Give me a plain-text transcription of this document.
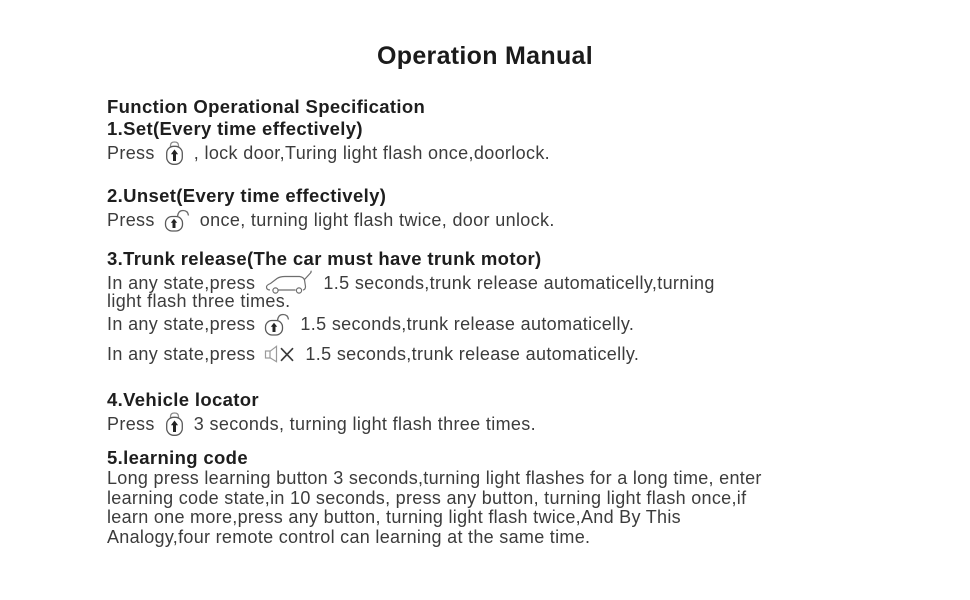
Operation Manual
Function Operational Specification
1.Set(Every time effectively)
Press , lock door,Turing light flash once,doorlock.
2.Unset(Every time effectively)
Press	once, turning light flash twice, door unlock.
3.Trunk release(The car must have trunk motor)
In any state,press	1.5 seconds,trunk release automaticelly,turning
light flash three times.
In any state,press	1.5 seconds,trunk release automaticelly.
In any state,press	1.5 seconds,trunk release automaticelly.
4.Vehicle locator
Press 3 seconds, turning light flash three times.
5.learning code
Long press learning button 3 seconds,turning light flashes for a long time, enter
learning code state,in 10 seconds, press any button, turning light flash once,if
learn one more,press any button, turning light flash twice,And By This
Analogy,four remote control can learning at the same time.
